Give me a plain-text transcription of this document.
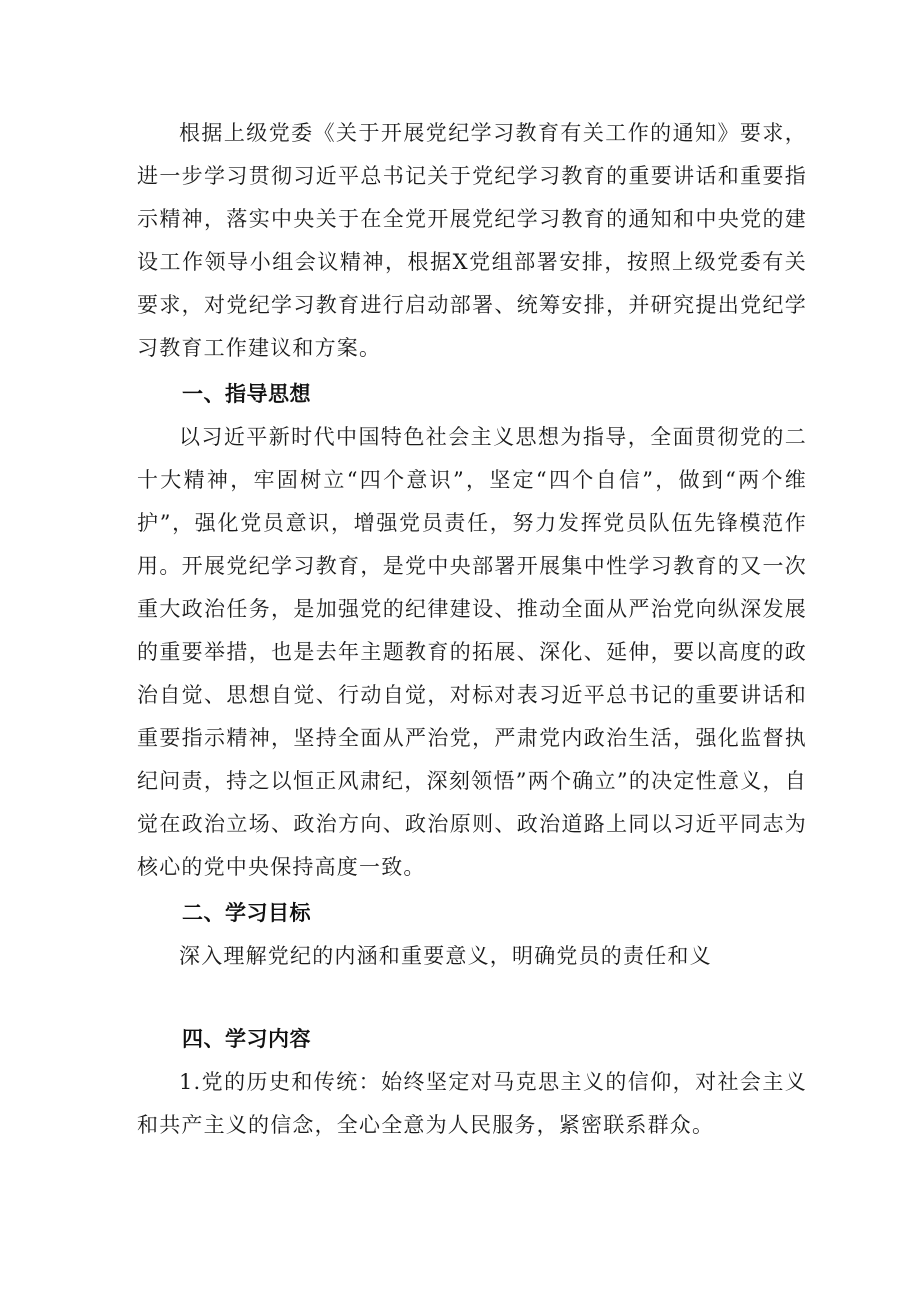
根据上级党委《关于开展党纪学习教育有关工作的通知》要求，进一步学习贯彻习近平总书记关于党纪学习教育的重要讲话和重要指示精神，落实中央关于在全党开展党纪学习教育的通知和中央党的建设工作领导小组会议精神，根据X党组部署安排，按照上级党委有关要求，对党纪学习教育进行启动部署、统筹安排，并研究提出党纪学习教育工作建议和方案。

一、指导思想

以习近平新时代中国特色社会主义思想为指导，全面贯彻党的二十大精神，牢固树立“四个意识”，坚定“四个自信”，做到“两个维护”，强化党员意识，增强党员责任，努力发挥党员队伍先锋模范作用。开展党纪学习教育，是党中央部署开展集中性学习教育的又一次重大政治任务，是加强党的纪律建设、推动全面从严治党向纵深发展的重要举措，也是去年主题教育的拓展、深化、延伸，要以高度的政治自觉、思想自觉、行动自觉，对标对表习近平总书记的重要讲话和重要指示精神，坚持全面从严治党，严肃党内政治生活，强化监督执纪问责，持之以恒正风肃纪，深刻领悟”两个确立”的决定性意义，自觉在政治立场、政治方向、政治原则、政治道路上同以习近平同志为核心的党中央保持高度一致。

二、学习目标

深入理解党纪的内涵和重要意义，明确党员的责任和义

四、学习内容

1.党的历史和传统：始终坚定对马克思主义的信仰，对社会主义和共产主义的信念，全心全意为人民服务，紧密联系群众。
